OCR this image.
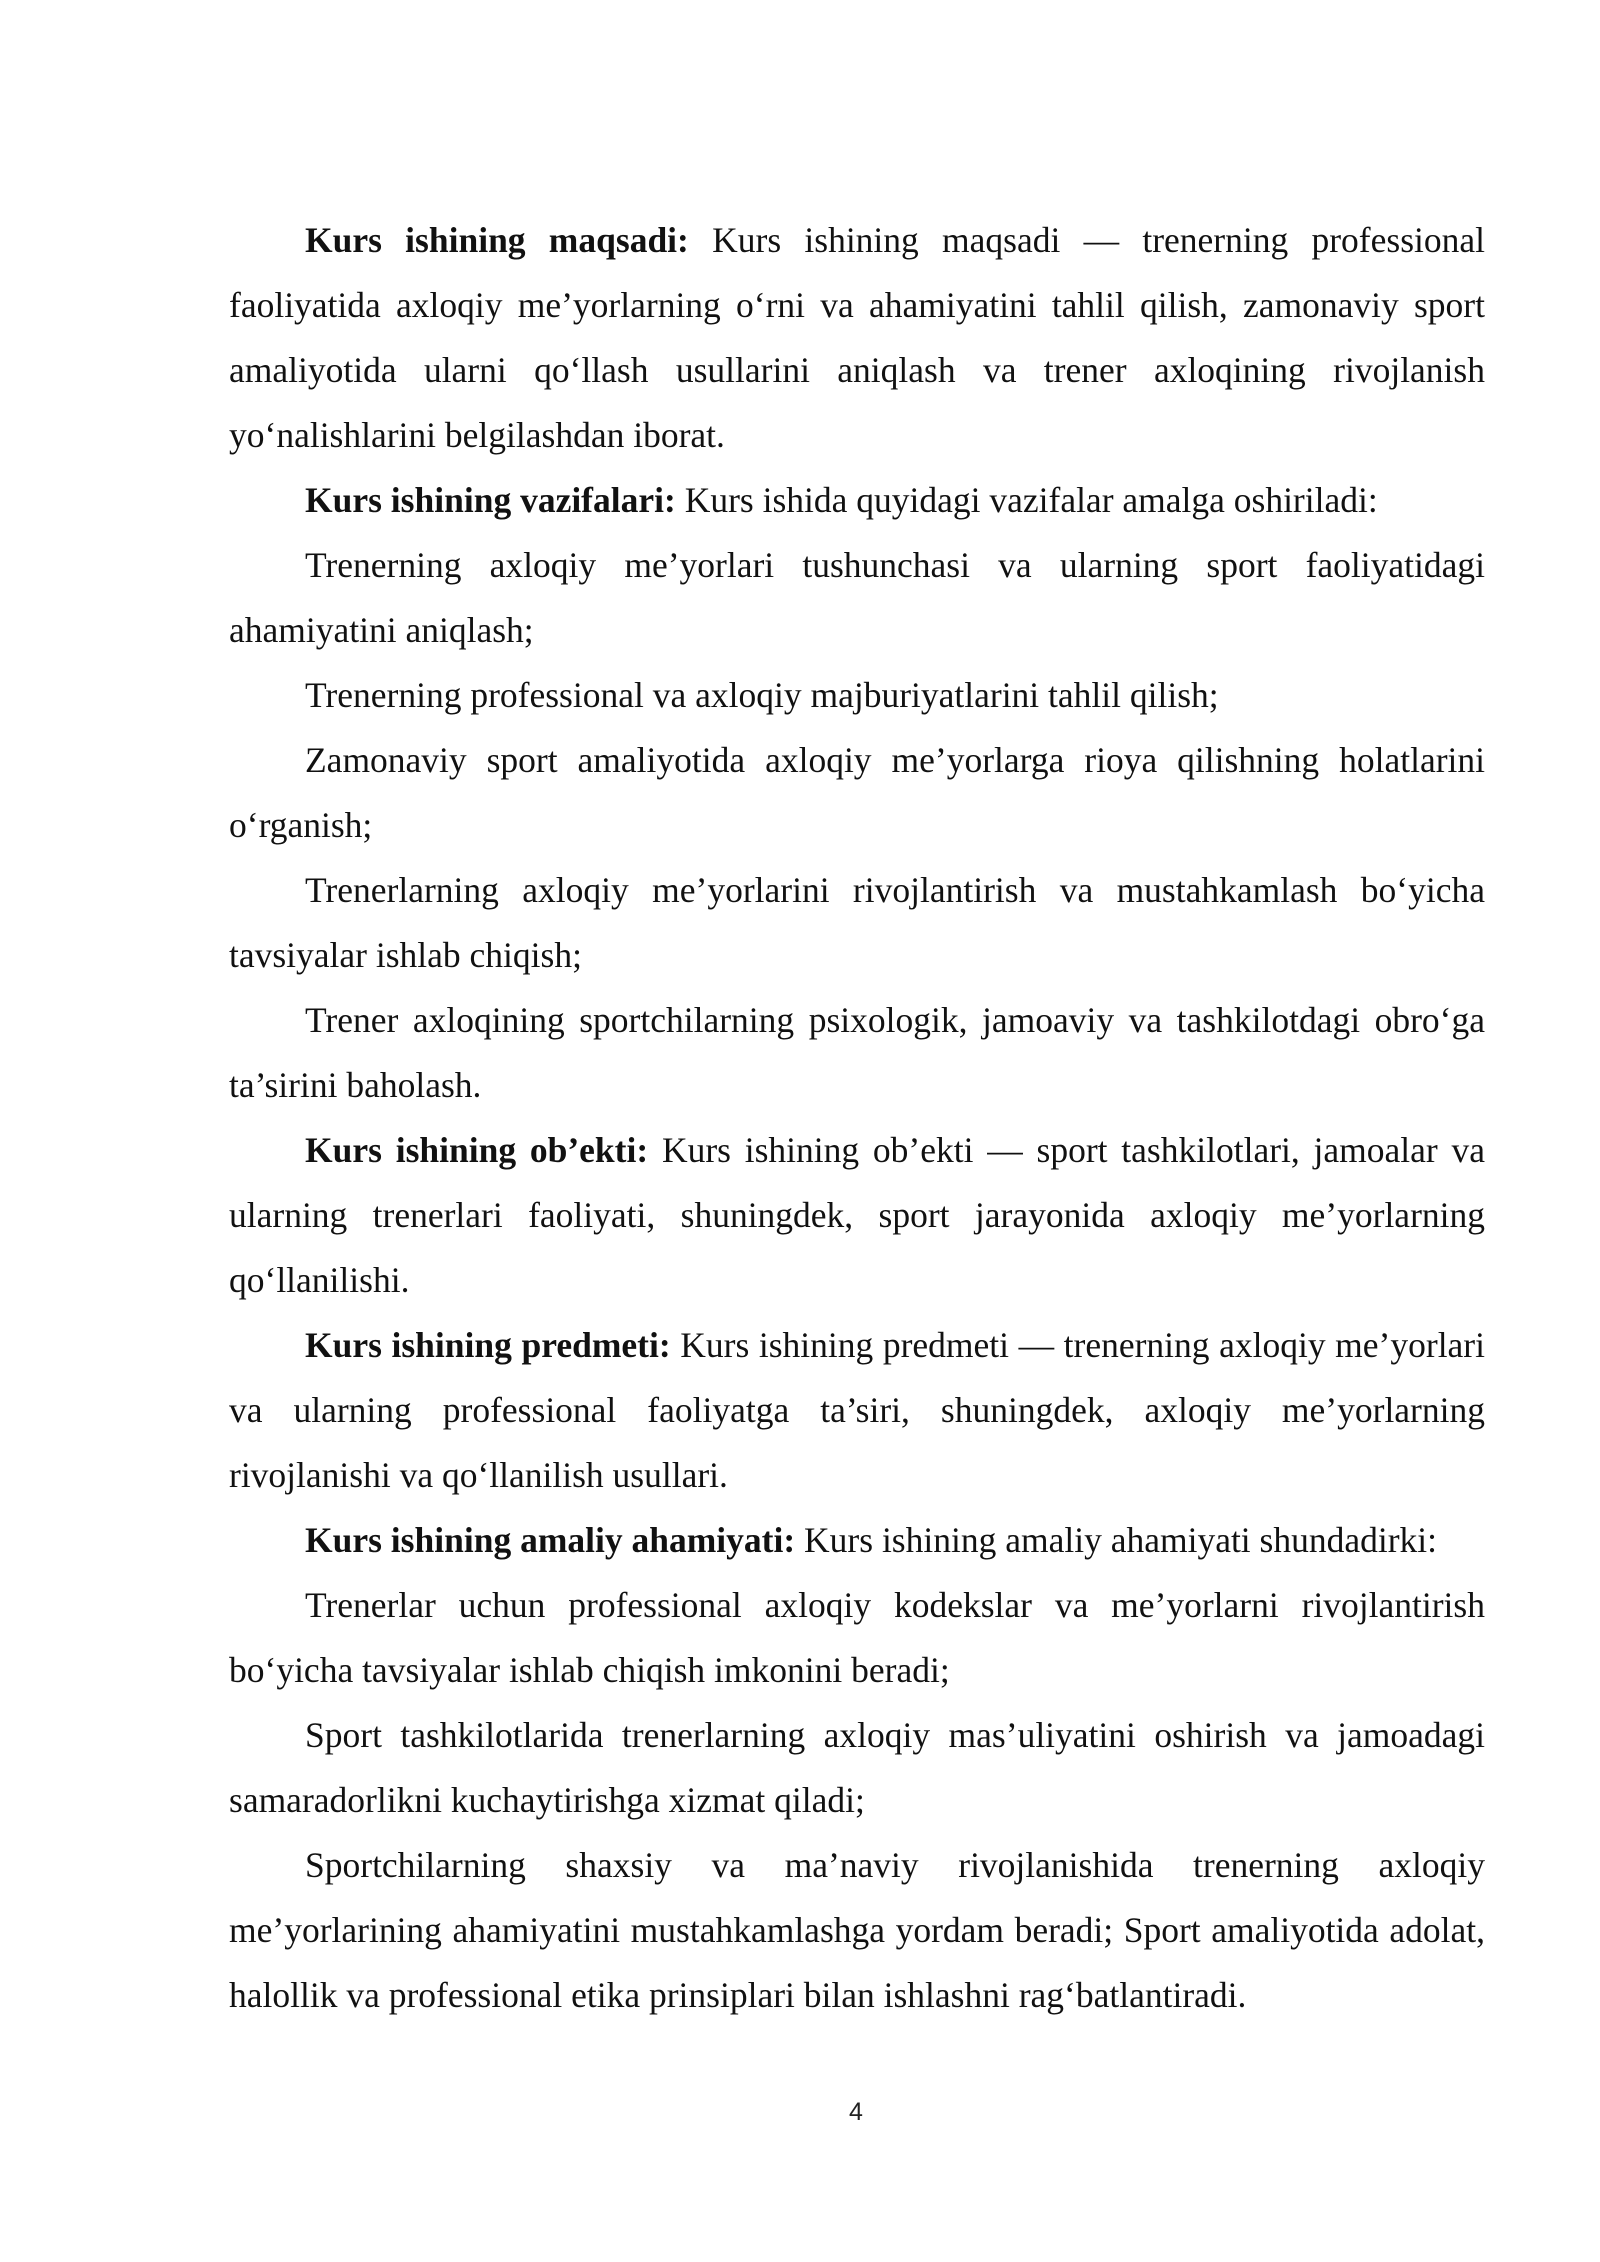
Kurs ishining maqsadi: Kurs ishining maqsadi — trenerning professional faoliyatida axloqiy me’yorlarning o‘rni va ahamiyatini tahlil qilish, zamonaviy sport amaliyotida ularni qo‘llash usullarini aniqlash va trener axloqining rivojlanish yo‘nalishlarini belgilashdan iborat.

Kurs ishining vazifalari: Kurs ishida quyidagi vazifalar amalga oshiriladi:

Trenerning axloqiy me’yorlari tushunchasi va ularning sport faoliyatidagi ahamiyatini aniqlash;

Trenerning professional va axloqiy majburiyatlarini tahlil qilish;

Zamonaviy sport amaliyotida axloqiy me’yorlarga rioya qilishning holatlarini o‘rganish;

Trenerlarning axloqiy me’yorlarini rivojlantirish va mustahkamlash bo‘yicha tavsiyalar ishlab chiqish;

Trener axloqining sportchilarning psixologik, jamoaviy va tashkilotdagi obro‘ga ta’sirini baholash.

Kurs ishining ob’ekti: Kurs ishining ob’ekti — sport tashkilotlari, jamoalar va ularning trenerlari faoliyati, shuningdek, sport jarayonida axloqiy me’yorlarning qo‘llanilishi.

Kurs ishining predmeti: Kurs ishining predmeti — trenerning axloqiy me’yorlari va ularning professional faoliyatga ta’siri, shuningdek, axloqiy me’yorlarning rivojlanishi va qo‘llanilish usullari.

Kurs ishining amaliy ahamiyati: Kurs ishining amaliy ahamiyati shundadirki:

Trenerlar uchun professional axloqiy kodekslar va me’yorlarni rivojlantirish bo‘yicha tavsiyalar ishlab chiqish imkonini beradi;

Sport tashkilotlarida trenerlarning axloqiy mas’uliyatini oshirish va jamoadagi samaradorlikni kuchaytirishga xizmat qiladi;

Sportchilarning shaxsiy va ma’naviy rivojlanishida trenerning axloqiy me’yorlarining ahamiyatini mustahkamlashga yordam beradi; Sport amaliyotida adolat, halollik va professional etika prinsiplari bilan ishlashni rag‘batlantiradi.

4
